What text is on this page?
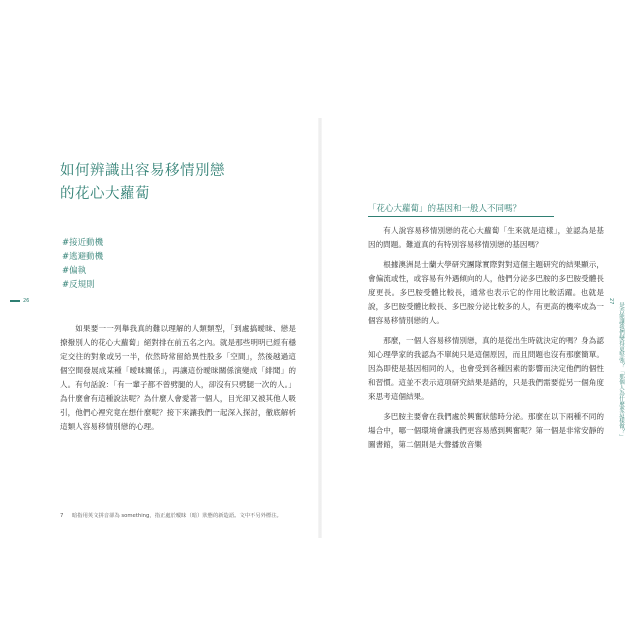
26
如何辨識出容易移情別戀
的花心大蘿蔔
#接近動機
#逃避動機
#偏執
#反規則

如果要一一列舉我真的難以理解的人類類型，「到處搞曖昧、戀是撩撥別人的花心大蘿蔔」絕對排在前五名之內。就是那些明明已經有穩定交往的對象或另一半，依然時常留給異性股多「空間」，然後越過這個空間發展成某種「曖昧關係」，再讓這份曖昧關係演變成「緋聞」的人。有句話說：「有一輩子都不曾劈腿的人，卻沒有只劈腿一次的人。」為什麼會有這種說法呢？為什麼人會愛著一個人，目光卻又被其他人吸引，他們心裡究竟在想什麼呢？接下來讓我們一起深入探討，徹底解析這類人容易移情別戀的心理。

7	暗指用英文拼音卻為 something，指正處於曖昧（暗）狀態的新造語。文中不另外標注。
「花心大蘿蔔」的基因和一般人不同嗎？

有人說容易移情別戀的花心大蘿蔔「生來就是這樣」，並認為是基因的問題。難道真的有特別容易移情別戀的基因嗎？

根據澳洲昆士蘭大學研究團隊實際對對這個主題研究的結果顯示，會偏流或性，或容易有外遇傾向的人，他們分泌多巴胺的多巴胺受體長度更長。多巴胺受體比較長，通常也表示它的作用比較活躍。也就是說，多巴胺受體比較長、多巴胺分泌比較多的人，有更高的機率成為一個容易移情別戀的人。

那麼，一個人容易移情別戀，真的是從出生時就決定的嗎？身為認知心理學家的我認為不單純只是這個原因，而且問題也沒有那麼簡單。因為即使是基因相同的人，也會受到各種因素的影響而決定他們的個性和習慣。這並不表示這項研究結果是錯的，只是我們需要從另一個角度來思考這個結果。

多巴胺主要會在我們處於興奮狀態時分泌。那麼在以下兩種不同的場合中，哪一個環境會讓我們更容易感到興奮呢？第一個是非常安靜的圖書館，第二個則是大聲播放音樂

27
是否能讓我們變得更堅強？「那個人為什麼要這樣做？」
